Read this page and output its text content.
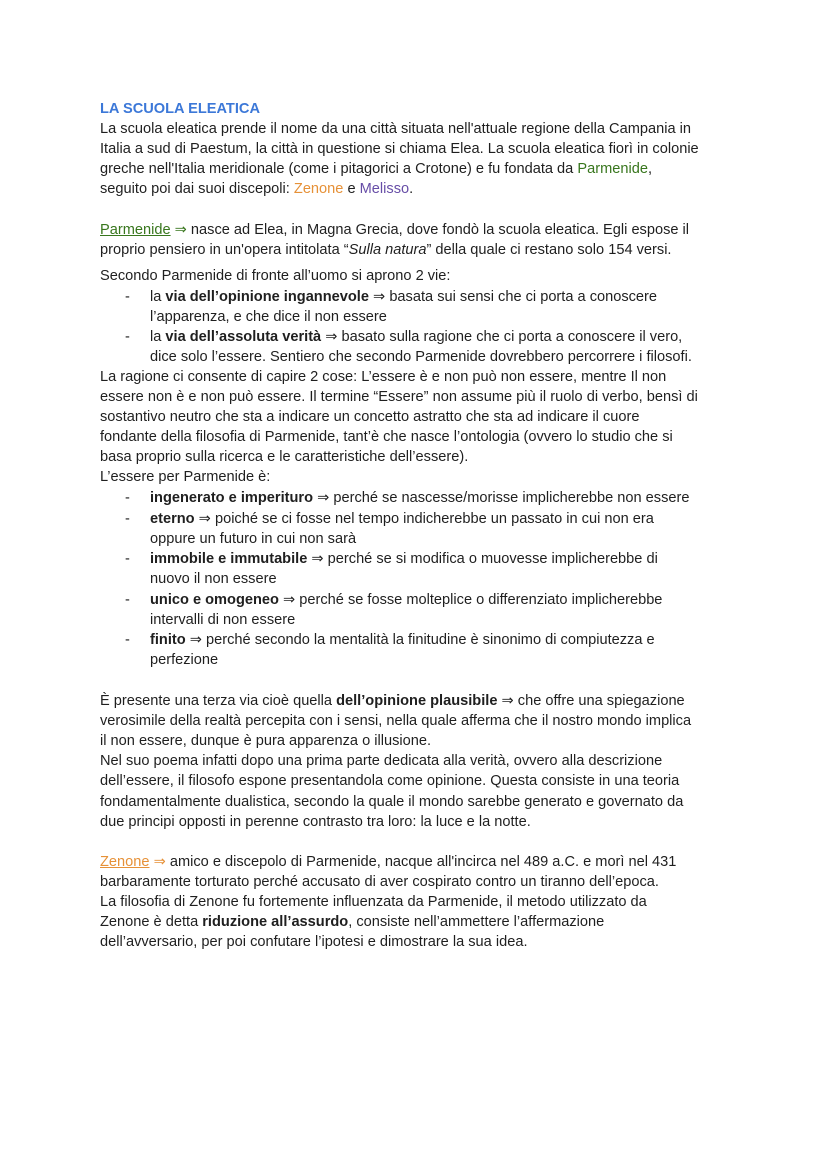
LA SCUOLA ELEATICA
La scuola eleatica prende il nome da una città situata nell'attuale regione della Campania in
Italia a sud di Paestum, la città in questione si chiama Elea. La scuola eleatica fiorì in colonie
greche nell'Italia meridionale (come i pitagorici a Crotone) e fu fondata da Parmenide,
seguito poi dai suoi discepoli: Zenone e Melisso.
Parmenide ⇒ nasce ad Elea, in Magna Grecia, dove fondò la scuola eleatica. Egli espose il
proprio pensiero in un'opera intitolata “Sulla natura” della quale ci restano solo 154 versi.
Secondo Parmenide di fronte all’uomo si aprono 2 vie:
- la via dell’opinione ingannevole ⇒ basata sui sensi che ci porta a conoscere
l’apparenza, e che dice il non essere
- la via dell’assoluta verità ⇒ basato sulla ragione che ci porta a conoscere il vero,
dice solo l’essere. Sentiero che secondo Parmenide dovrebbero percorrere i filosofi.
La ragione ci consente di capire 2 cose: L’essere è e non può non essere, mentre Il non
essere non è e non può essere. Il termine “Essere” non assume più il ruolo di verbo, bensì di
sostantivo neutro che sta a indicare un concetto astratto che sta ad indicare il cuore
fondante della filosofia di Parmenide, tant’è che nasce l’ontologia (ovvero lo studio che si
basa proprio sulla ricerca e le caratteristiche dell’essere).
L’essere per Parmenide è:
- ingenerato e imperituro ⇒ perché se nascesse/morisse implicherebbe non essere
- eterno ⇒ poiché se ci fosse nel tempo indicherebbe un passato in cui non era
oppure un futuro in cui non sarà
- immobile e immutabile ⇒ perché se si modifica o muovesse implicherebbe di
nuovo il non essere
- unico e omogeneo ⇒ perché se fosse molteplice o differenziato implicherebbe
intervalli di non essere
- finito ⇒ perché secondo la mentalità la finitudine è sinonimo di compiutezza e
perfezione
È presente una terza via cioè quella dell’opinione plausibile ⇒ che offre una spiegazione
verosimile della realtà percepita con i sensi, nella quale afferma che il nostro mondo implica
il non essere, dunque è pura apparenza o illusione.
Nel suo poema infatti dopo una prima parte dedicata alla verità, ovvero alla descrizione
dell’essere, il filosofo espone presentandola come opinione. Questa consiste in una teoria
fondamentalmente dualistica, secondo la quale il mondo sarebbe generato e governato da
due principi opposti in perenne contrasto tra loro: la luce e la notte.
Zenone ⇒ amico e discepolo di Parmenide, nacque all'incirca nel 489 a.C. e morì nel 431
barbaramente torturato perché accusato di aver cospirato contro un tiranno dell’epoca.
La filosofia di Zenone fu fortemente influenzata da Parmenide, il metodo utilizzato da
Zenone è detta riduzione all’assurdo, consiste nell’ammettere l’affermazione
dell’avversario, per poi confutare l’ipotesi e dimostrare la sua idea.
